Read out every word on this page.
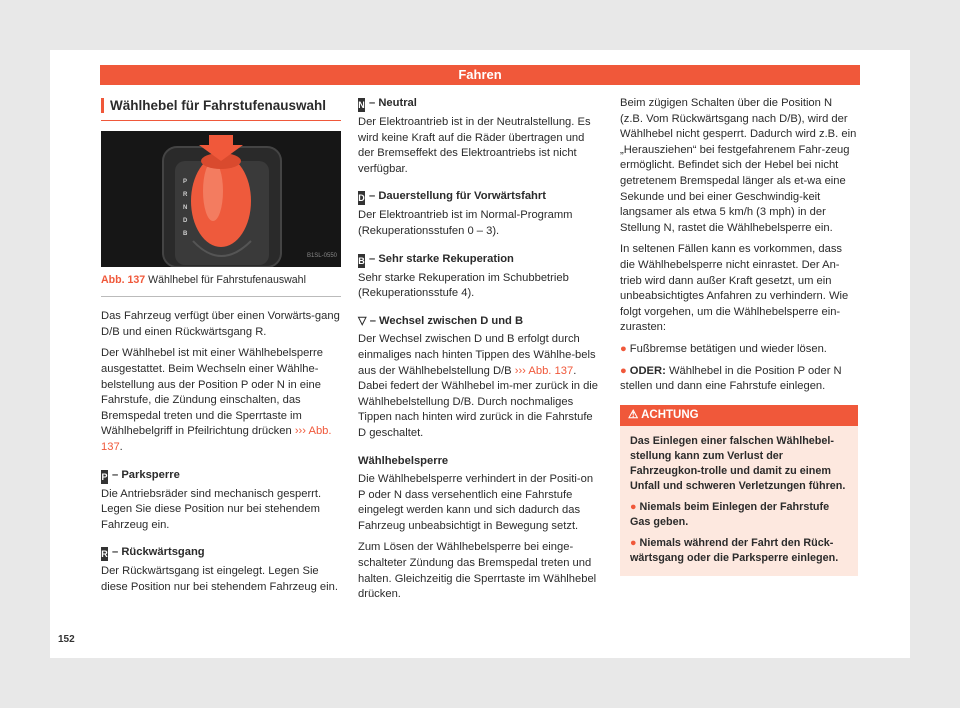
Fahren
Wählhebel für Fahrstufenauswahl
P
R
N
D
B
B1SL-0550
Abb. 137 Wählhebel für Fahrstufenauswahl

Das Fahrzeug verfügt über einen Vorwärts-gang D/B und einen Rückwärtsgang R.

Der Wählhebel ist mit einer Wählhebelsperre ausgestattet. Beim Wechseln einer Wählhe-belstellung aus der Position P oder N in eine Fahrstufe, die Zündung einschalten, das Bremspedal treten und die Sperrtaste im Wählhebelgriff in Pfeilrichtung drücken ››› Abb. 137.

P – Parksperre

Die Antriebsräder sind mechanisch gesperrt. Legen Sie diese Position nur bei stehendem Fahrzeug ein.

R – Rückwärtsgang

Der Rückwärtsgang ist eingelegt. Legen Sie diese Position nur bei stehendem Fahrzeug ein.

N – Neutral

Der Elektroantrieb ist in der Neutralstellung. Es wird keine Kraft auf die Räder übertragen und der Bremseffekt des Elektroantriebs ist nicht verfügbar.

D – Dauerstellung für Vorwärtsfahrt

Der Elektroantrieb ist im Normal-Programm (Rekuperationsstufen 0 – 3).

B – Sehr starke Rekuperation

Sehr starke Rekuperation im Schubbetrieb (Rekuperationsstufe 4).

▽ – Wechsel zwischen D und B

Der Wechsel zwischen D und B erfolgt durch einmaliges nach hinten Tippen des Wählhe-bels aus der Wählhebelstellung D/B ››› Abb. 137. Dabei federt der Wählhebel im-mer zurück in die Wählhebelstellung D/B. Durch nochmaliges Tippen nach hinten wird zurück in die Fahrstufe D geschaltet.

Wählhebelsperre

Die Wählhebelsperre verhindert in der Positi-on P oder N dass versehentlich eine Fahrstufe eingelegt werden kann und sich dadurch das Fahrzeug unbeabsichtigt in Bewegung setzt.

Zum Lösen der Wählhebelsperre bei einge-schalteter Zündung das Bremspedal treten und halten. Gleichzeitig die Sperrtaste im Wählhebel drücken.

Beim zügigen Schalten über die Position N (z.B. Vom Rückwärtsgang nach D/B), wird der Wählhebel nicht gesperrt. Dadurch wird z.B. ein „Herausziehen“ bei festgefahrenem Fahr-zeug ermöglicht. Befindet sich der Hebel bei nicht getretenem Bremspedal länger als et-wa eine Sekunde und bei einer Geschwindig-keit langsamer als etwa 5 km/h (3 mph) in der Stellung N, rastet die Wählhebelsperre ein.

In seltenen Fällen kann es vorkommen, dass die Wählhebelsperre nicht einrastet. Der An-trieb wird dann außer Kraft gesetzt, um ein unbeabsichtigtes Anfahren zu verhindern. Wie folgt vorgehen, um die Wählhebelsperre ein-zurasten:

● Fußbremse betätigen und wieder lösen.
● ODER: Wählhebel in die Position P oder N stellen und dann eine Fahrstufe einlegen.
⚠ ACHTUNG

Das Einlegen einer falschen Wählhebel-stellung kann zum Verlust der Fahrzeugkon-trolle und damit zu einem Unfall und schweren Verletzungen führen.

● Niemals beim Einlegen der Fahrstufe Gas geben.

● Niemals während der Fahrt den Rück-wärtsgang oder die Parksperre einlegen.

152
